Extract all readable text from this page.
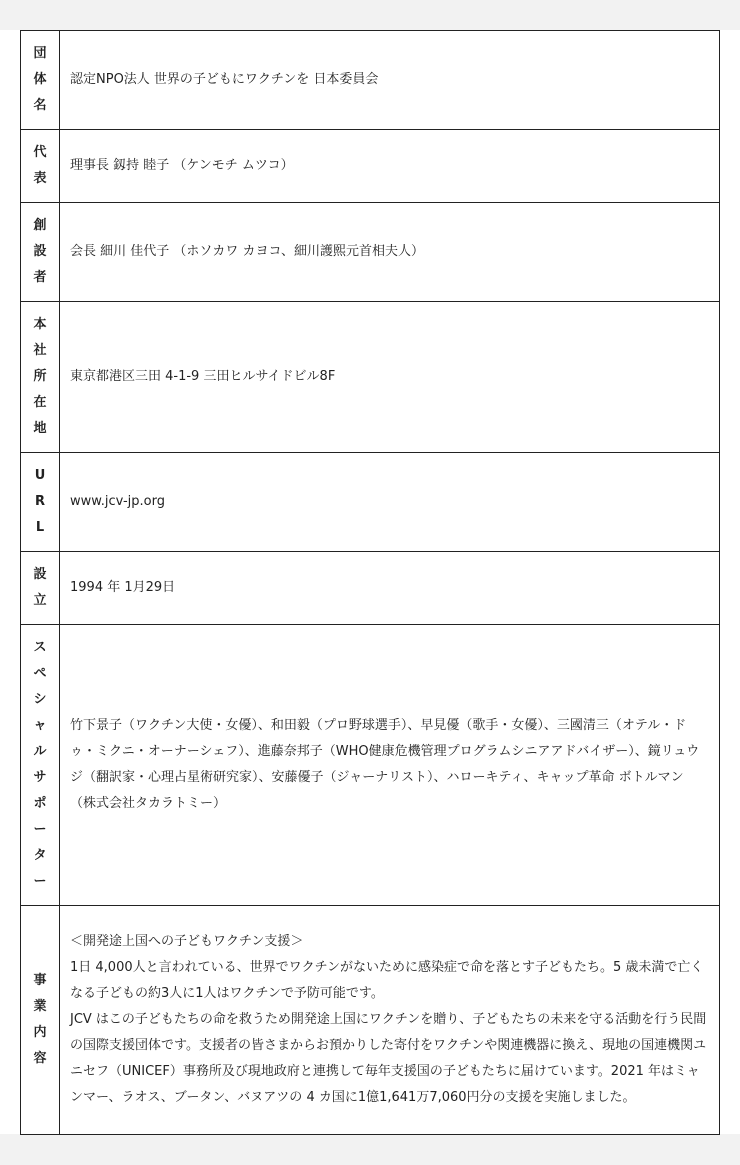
団体名	認定NPO法人 世界の子どもにワクチンを 日本委員会

代表	理事長 釼持 睦子 （ケンモチ ムツコ）

創設者	会長 細川 佳代子 （ホソカワ カヨコ、細川護熙元首相夫人）

本社所在地	東京都港区三田 4-1-9 三田ヒルサイドビル8F

URL	www.jcv-jp.org

設立	1994 年 1月29日

スペシャルサポーター	竹下景子（ワクチン大使・女優）、和田毅（プロ野球選手）、早見優（歌手・女優）、三國清三（オテル・ドゥ・ミクニ・オーナーシェフ）、進藤奈邦子（WHO健康危機管理プログラムシニアアドバイザー）、鏡リュウジ（翻訳家・心理占星術研究家）、安藤優子（ジャーナリスト）、ハローキティ、キャップ革命 ボトルマン（株式会社タカラトミー）

事業内容	＜開発途上国への子どもワクチン支援＞
1日 4,000人と言われている、世界でワクチンがないために感染症で命を落とす子どもたち。5 歳未満で亡くなる子どもの約3人に1人はワクチンで予防可能です。
JCV はこの子どもたちの命を救うため開発途上国にワクチンを贈り、子どもたちの未来を守る活動を行う民間の国際支援団体です。支援者の皆さまからお預かりした寄付をワクチンや関連機器に換え、現地の国連機関ユニセフ（UNICEF）事務所及び現地政府と連携して毎年支援国の子どもたちに届けています。2021 年はミャンマー、ラオス、ブータン、バヌアツの 4 カ国に1億1,641万7,060円分の支援を実施しました。
